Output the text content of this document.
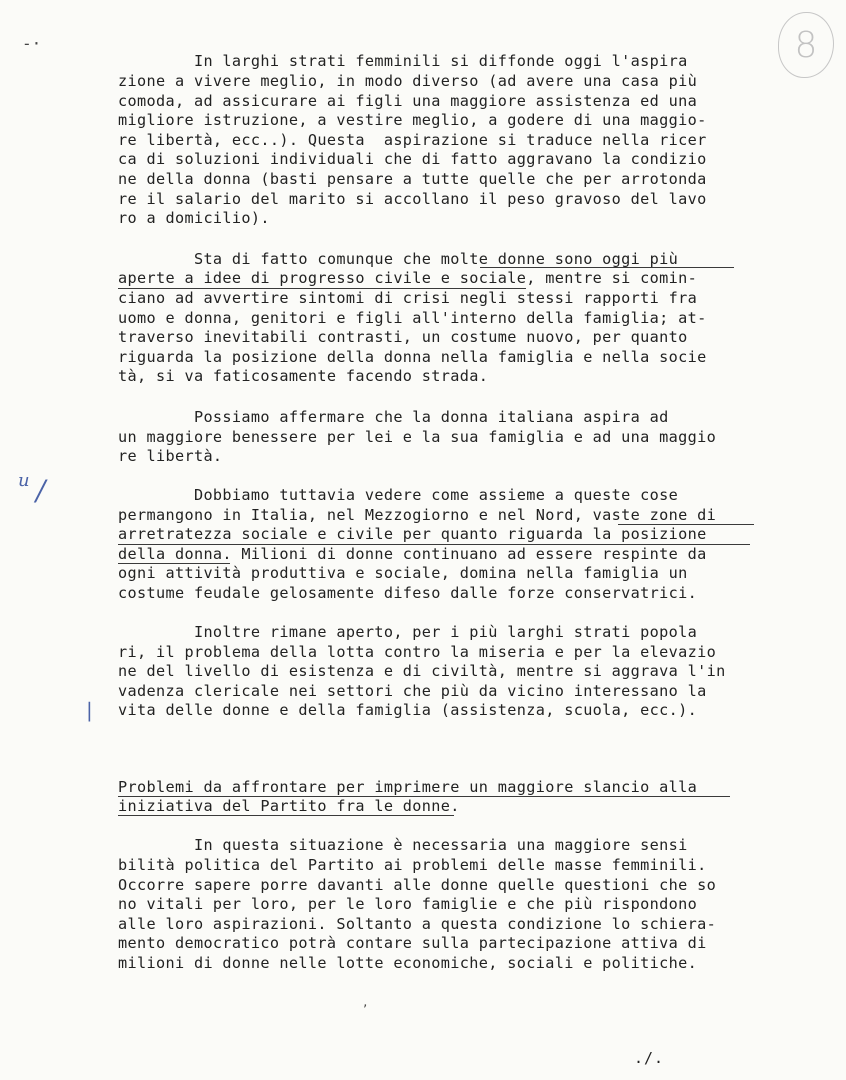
8
In larghi strati femminili si diffonde oggi l'aspira
zione a vivere meglio, in modo diverso (ad avere una casa più
comoda, ad assicurare ai figli una maggiore assistenza ed una
migliore istruzione, a vestire meglio, a godere di una maggio-
re libertà, ecc..). Questa  aspirazione si traduce nella ricer
ca di soluzioni individuali che di fatto aggravano la condizio
ne della donna (basti pensare a tutte quelle che per arrotonda
re il salario del marito si accollano il peso gravoso del lavo
ro a domicilio).
Sta di fatto comunque che molte donne sono oggi più
aperte a idee di progresso civile e sociale, mentre si comin-
ciano ad avvertire sintomi di crisi negli stessi rapporti fra
uomo e donna, genitori e figli all'interno della famiglia; at-
traverso inevitabili contrasti, un costume nuovo, per quanto
riguarda la posizione della donna nella famiglia e nella socie
tà, si va faticosamente facendo strada.
Possiamo affermare che la donna italiana aspira ad
un maggiore benessere per lei e la sua famiglia e ad una maggio
re libertà.
Dobbiamo tuttavia vedere come assieme a queste cose
permangono in Italia, nel Mezzogiorno e nel Nord, vaste zone di
arretratezza sociale e civile per quanto riguarda la posizione
della donna. Milioni di donne continuano ad essere respinte da
ogni attività produttiva e sociale, domina nella famiglia un
costume feudale gelosamente difeso dalle forze conservatrici.
Inoltre rimane aperto, per i più larghi strati popola
ri, il problema della lotta contro la miseria e per la elevazio
ne del livello di esistenza e di civiltà, mentre si aggrava l'in
vadenza clericale nei settori che più da vicino interessano la
vita delle donne e della famiglia (assistenza, scuola, ecc.).
Problemi da affrontare per imprimere un maggiore slancio alla
iniziativa del Partito fra le donne.
In questa situazione è necessaria una maggiore sensi
bilità politica del Partito ai problemi delle masse femminili.
Occorre sapere porre davanti alle donne quelle questioni che so
no vitali per loro, per le loro famiglie e che più rispondono
alle loro aspirazioni. Soltanto a questa condizione lo schiera-
mento democratico potrà contare sulla partecipazione attiva di
milioni di donne nelle lotte economiche, sociali e politiche.
u /
|
-·
,
./.
